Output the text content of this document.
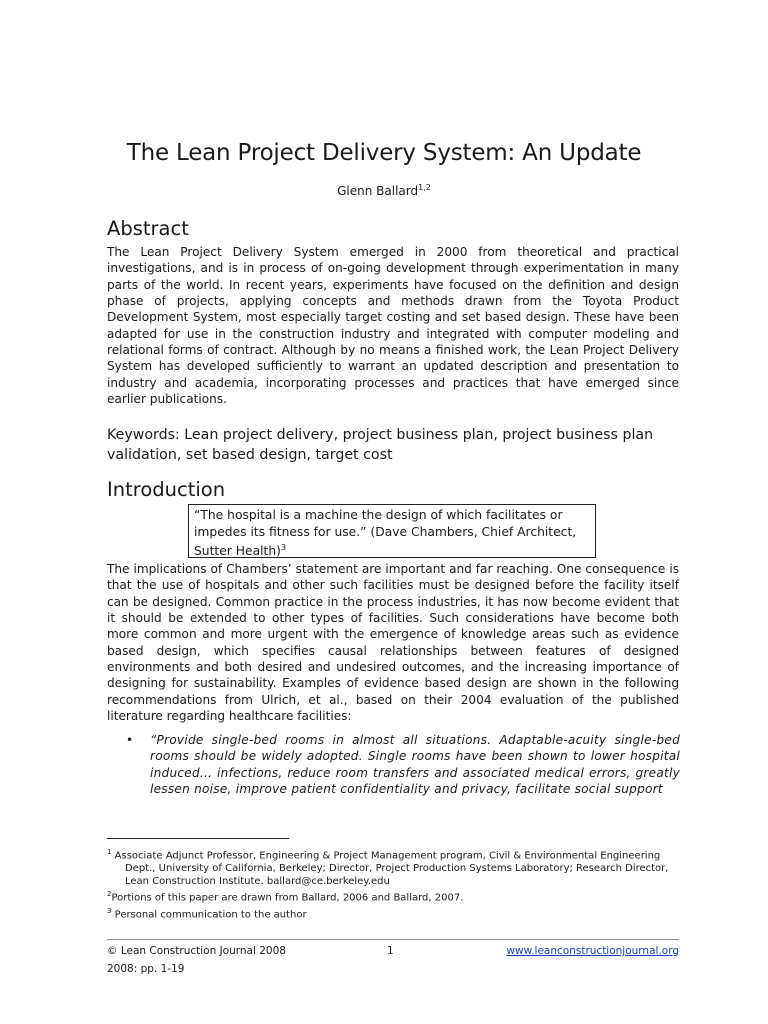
The Lean Project Delivery System: An Update
Glenn Ballard$^{1,2}$
Abstract

The Lean Project Delivery System emerged in 2000 from theoretical and practical investigations, and is in process of on-going development through experimentation in many parts of the world. In recent years, experiments have focused on the definition and design phase of projects, applying concepts and methods drawn from the Toyota Product Development System, most especially target costing and set based design. These have been adapted for use in the construction industry and integrated with computer modeling and relational forms of contract. Although by no means a finished work, the Lean Project Delivery System has developed sufficiently to warrant an updated description and presentation to industry and academia, incorporating processes and practices that have emerged since earlier publications.

Keywords: Lean project delivery, project business plan, project business plan validation, set based design, target cost

Introduction
“The hospital is a machine the design of which facilitates or impedes its fitness for use.” (Dave Chambers, Chief Architect, Sutter Health)$^3$

The implications of Chambers’ statement are important and far reaching. One consequence is that the use of hospitals and other such facilities must be designed before the facility itself can be designed. Common practice in the process industries, it has now become evident that it should be extended to other types of facilities. Such considerations have become both more common and more urgent with the emergence of knowledge areas such as evidence based design, which specifies causal relationships between features of designed environments and both desired and undesired outcomes, and the increasing importance of designing for sustainability. Examples of evidence based design are shown in the following recommendations from Ulrich, et al., based on their 2004 evaluation of the published literature regarding healthcare facilities:

• “Provide single-bed rooms in almost all situations. Adaptable-acuity single-bed rooms should be widely adopted. Single rooms have been shown to lower hospital induced... infections, reduce room transfers and associated medical errors, greatly lessen noise, improve patient confidentiality and privacy, facilitate social support

$^1$ Associate Adjunct Professor, Engineering & Project Management program, Civil & Environmental Engineering

Dept., University of California, Berkeley; Director, Project Production Systems Laboratory; Research Director, Lean Construction Institute. ballard@ce.berkeley.edu

$^2$Portions of this paper are drawn from Ballard, 2006 and Ballard, 2007.

$^3$ Personal communication to the author

© Lean Construction Journal 2008	1	www.leanconstructionjournal.org
2008: pp. 1-19
